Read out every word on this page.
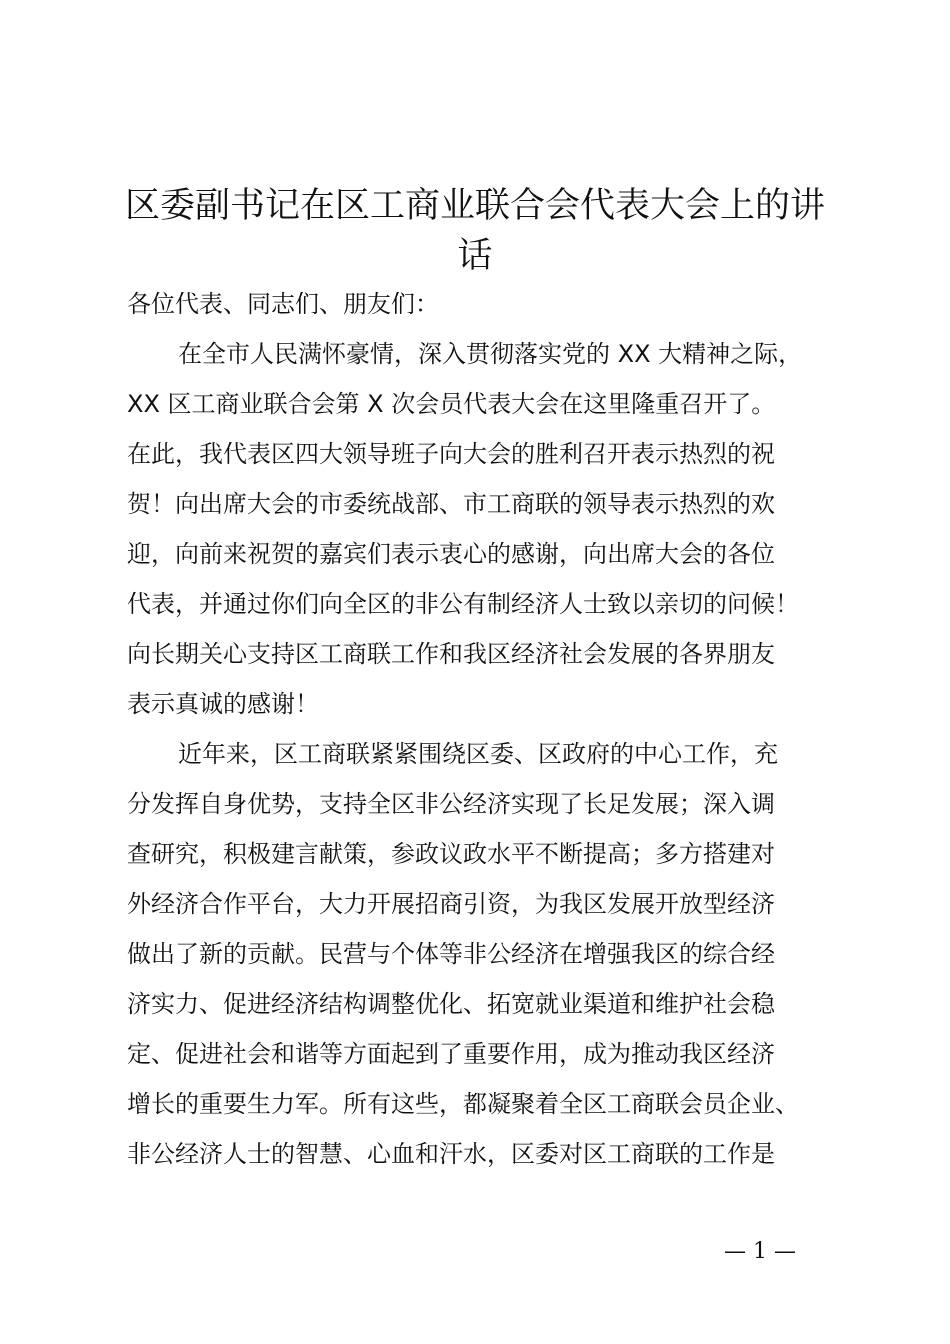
区委副书记在区工商业联合会代表大会上的讲
话

各位代表、同志们、朋友们：

在全市人民满怀豪情，深入贯彻落实党的 XX 大精神之际，

XX 区工商业联合会第 X 次会员代表大会在这里隆重召开了。

在此，我代表区四大领导班子向大会的胜利召开表示热烈的祝

贺！向出席大会的市委统战部、市工商联的领导表示热烈的欢

迎，向前来祝贺的嘉宾们表示衷心的感谢，向出席大会的各位

代表，并通过你们向全区的非公有制经济人士致以亲切的问候！

向长期关心支持区工商联工作和我区经济社会发展的各界朋友

表示真诚的感谢！

近年来，区工商联紧紧围绕区委、区政府的中心工作，充

分发挥自身优势，支持全区非公经济实现了长足发展；深入调

查研究，积极建言献策，参政议政水平不断提高；多方搭建对

外经济合作平台，大力开展招商引资，为我区发展开放型经济

做出了新的贡献。民营与个体等非公经济在增强我区的综合经

济实力、促进经济结构调整优化、拓宽就业渠道和维护社会稳

定、促进社会和谐等方面起到了重要作用，成为推动我区经济

增长的重要生力军。所有这些，都凝聚着全区工商联会员企业、

非公经济人士的智慧、心血和汗水，区委对区工商联的工作是

— 1 —
